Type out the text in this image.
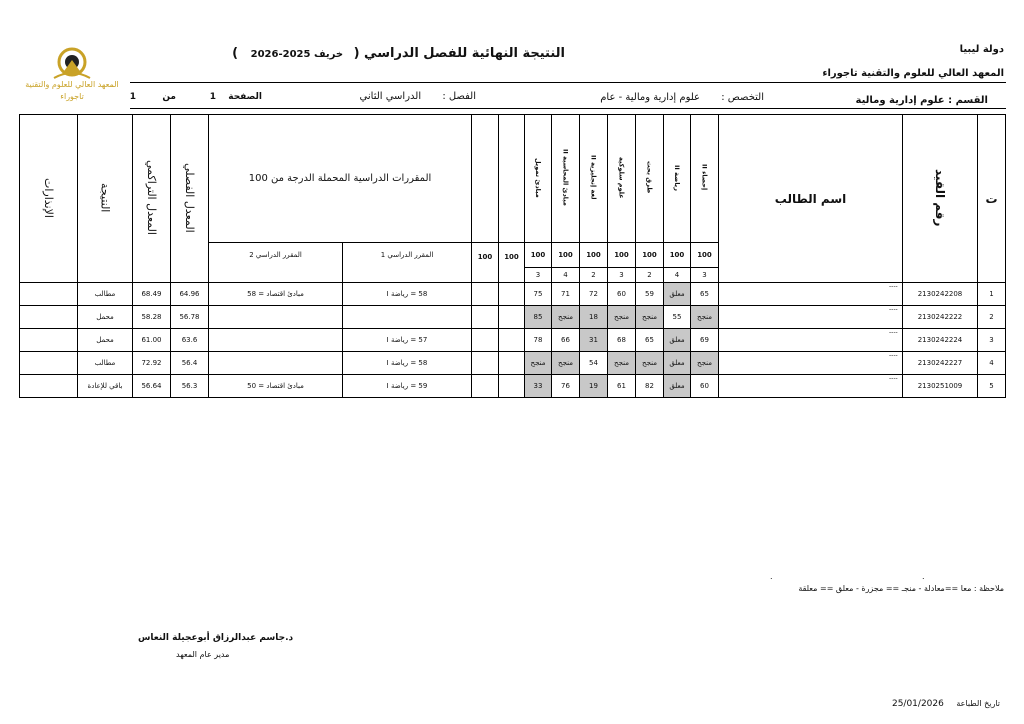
المعهد العالي للعلوم والتقنية
تاجوراء
دولة ليبيا
المعهد العالي للعلوم والتقنية تاجوراء
النتيجة النهائية للفصل الدراسي ( خريف 2025-2026 )
القسم : علوم إدارية ومالية
التخصص : علوم إدارية ومالية - عام
الفصل : الدراسي الثاني
الصفحة
1
من
1
ت	رقم القيد	اسم الطالب	إحصاء II	رياضة II	طرق بحث	علوم سلوكية	لغة إنجليزية II	مبادئ المحاسبة II	مبادئ تمويل			المقررات الدراسية المحملة الدرجة من 100		المعدل الفصلي	المعدل التراكمي	النتيجة	الإنذارات
			100	100	100	100	100	100	100	100	100	المقرر الدراسي 1	المقرر الدراسي 2				
			3	4	2	3	2	4	3								
1	2130242208	----	65	معلق	59	60	72	71	75			58 = رياضة I	مبادئ اقتصاد = 58	64.96	68.49	مطالب	
2	2130242222	----	منجح	55	منجح	منجح	18	منجح	85					56.78	58.28	محمل	
3	2130242224	----	69	معلق	65	68	31	66	78			57 = رياضة I		63.6	61.00	محمل	
4	2130242227	----	منجح	معلق	منجح	منجح	54	منجح	منجح			58 = رياضة I		56.4	72.92	مطالب	
5	2130251009	----	60	معلق	82	61	19	76	33			59 = رياضة I	مبادئ اقتصاد = 50	56.3	56.64	باقي للإعادة	
ملاحظة : معا ==معادلة - منجـ == مجزرة - معلق == معلقة
.
.
د.جاسم عبدالرزاق أبوعجيلة النعاس
مدير عام المعهد
تاريخ الطباعة 25/01/2026
